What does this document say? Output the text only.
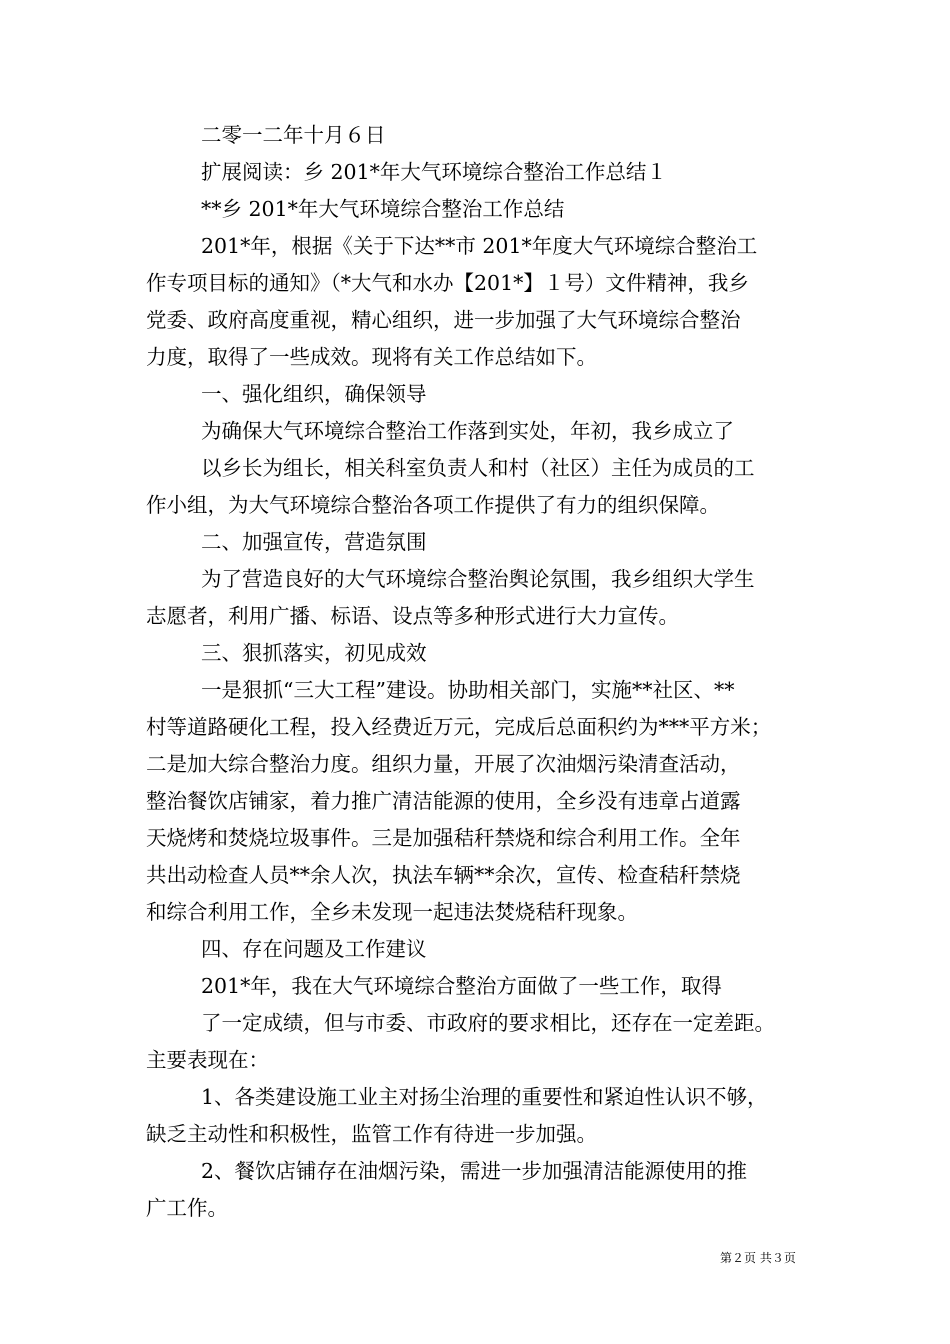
二零一二年十月６日
扩展阅读：乡 201*年大气环境综合整治工作总结１
**乡 201*年大气环境综合整治工作总结
201*年，根据《关于下达**市 201*年度大气环境综合整治工
作专项目标的通知》（*大气和水办【201*】１号）文件精神，我乡
党委、政府高度重视，精心组织，进一步加强了大气环境综合整治
力度，取得了一些成效。现将有关工作总结如下。
一、强化组织，确保领导
为确保大气环境综合整治工作落到实处，年初，我乡成立了
以乡长为组长，相关科室负责人和村（社区）主任为成员的工
作小组，为大气环境综合整治各项工作提供了有力的组织保障。
二、加强宣传，营造氛围
为了营造良好的大气环境综合整治舆论氛围，我乡组织大学生
志愿者，利用广播、标语、设点等多种形式进行大力宣传。
三、狠抓落实，初见成效
一是狠抓“三大工程”建设。协助相关部门，实施**社区、**
村等道路硬化工程，投入经费近万元，完成后总面积约为***平方米；
二是加大综合整治力度。组织力量，开展了次油烟污染清查活动，
整治餐饮店铺家，着力推广清洁能源的使用，全乡没有违章占道露
天烧烤和焚烧垃圾事件。三是加强秸秆禁烧和综合利用工作。全年
共出动检查人员**余人次，执法车辆**余次，宣传、检查秸秆禁烧
和综合利用工作，全乡未发现一起违法焚烧秸秆现象。
四、存在问题及工作建议
201*年，我在大气环境综合整治方面做了一些工作，取得
了一定成绩，但与市委、市政府的要求相比，还存在一定差距。
主要表现在：
1、各类建设施工业主对扬尘治理的重要性和紧迫性认识不够，
缺乏主动性和积极性，监管工作有待进一步加强。
2、餐饮店铺存在油烟污染，需进一步加强清洁能源使用的推
广工作。
第２页 共３页
